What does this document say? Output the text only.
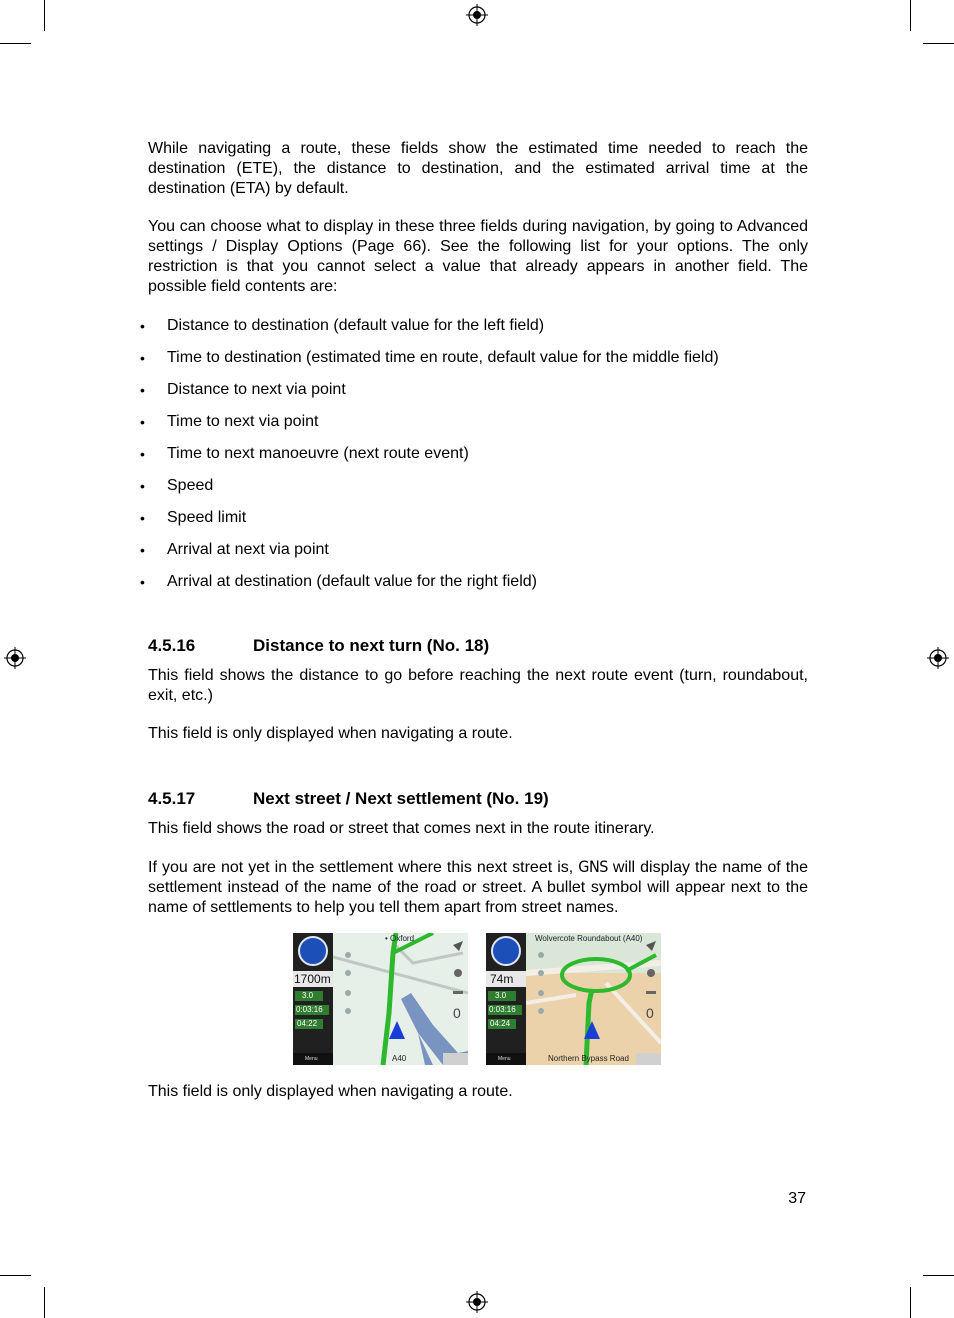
While navigating a route, these fields show the estimated time needed to reach the destination (ETE), the distance to destination, and the estimated arrival time at the destination (ETA) by default.

You can choose what to display in these three fields during navigation, by going to Advanced settings / Display Options (Page 66). See the following list for your options. The only restriction is that you cannot select a value that already appears in another field. The possible field contents are:

• Distance to destination (default value for the left field)
• Time to destination (estimated time en route, default value for the middle field)
• Distance to next via point
• Time to next via point
• Time to next manoeuvre (next route event)
• Speed
• Speed limit
• Arrival at next via point
• Arrival at destination (default value for the right field)
4.5.16	Distance to next turn (No. 18)

This field shows the distance to go before reaching the next route event (turn, roundabout, exit, etc.)

This field is only displayed when navigating a route.

4.5.17	Next street / Next settlement (No. 19)

This field shows the road or street that comes next in the route itinerary.

If you are not yet in the settlement where this next street is, GNS will display the name of the settlement instead of the name of the road or street. A bullet symbol will appear next to the name of settlements to help you tell them apart from street names.

• Oxford
1700m
3.0
0:03:16
04:22
0
A40
Menu
Wolvercote Roundabout (A40)
74m
3.0
0:03:16
04:24
0
Northern Bypass Road
Menu

This field is only displayed when navigating a route.

37
